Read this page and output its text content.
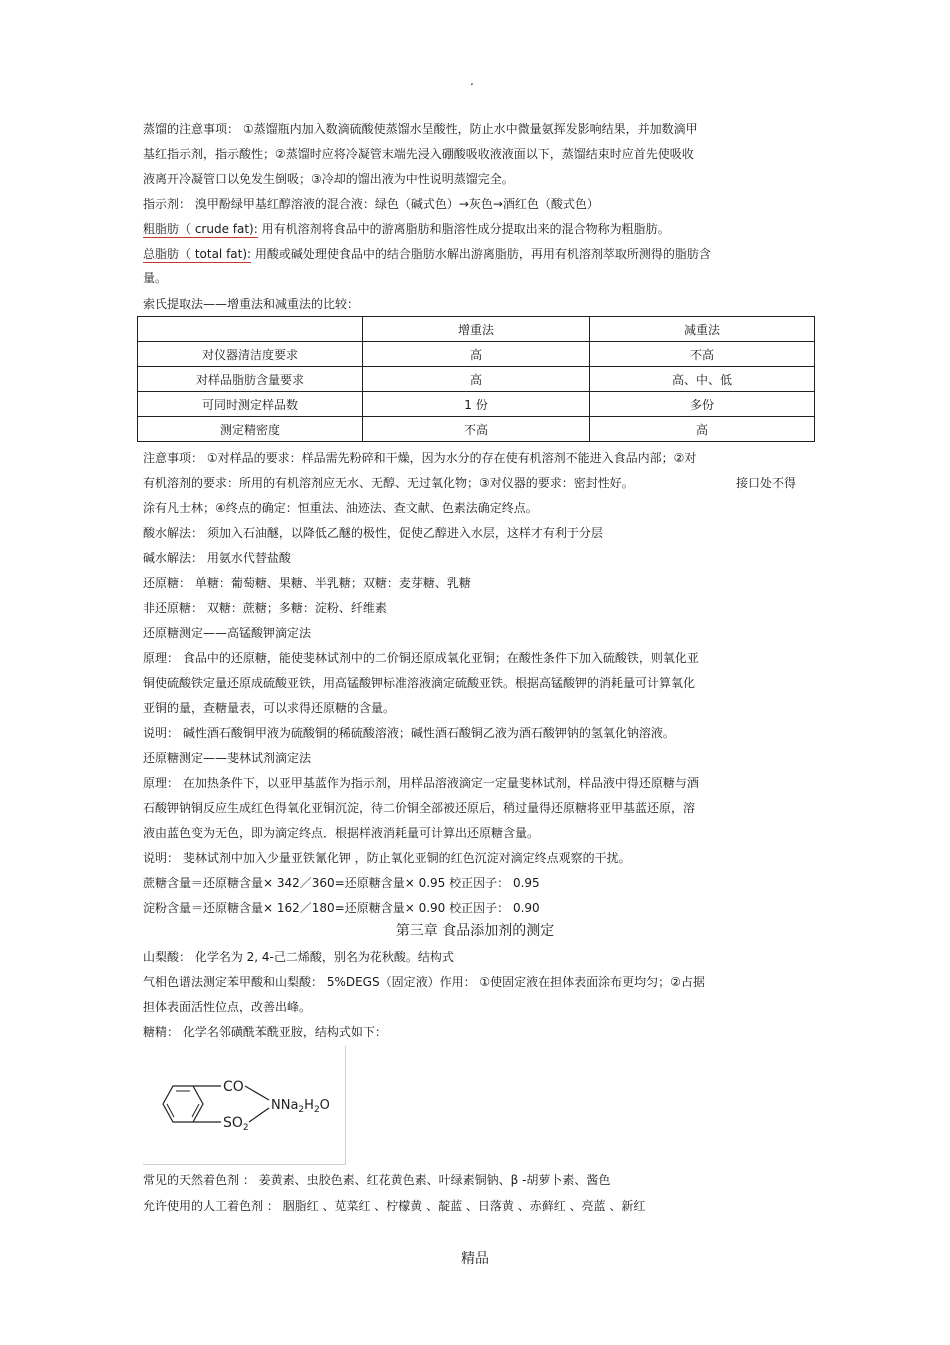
.
蒸馏的注意事项： ①蒸馏瓶内加入数滴硫酸使蒸馏水呈酸性，防止水中微量氨挥发影响结果，并加数滴甲
基红指示剂，指示酸性；②蒸馏时应将冷凝管末端先浸入硼酸吸收液液面以下，蒸馏结束时应首先使吸收
液离开冷凝管口以免发生倒吸；③冷却的馏出液为中性说明蒸馏完全。
指示剂： 溴甲酚绿甲基红醇溶液的混合液：绿色（碱式色）→灰色→酒红色（酸式色）
粗脂肪（ crude fat): 用有机溶剂将食品中的游离脂肪和脂溶性成分提取出来的混合物称为粗脂肪。
总脂肪（ total fat): 用酸或碱处理使食品中的结合脂肪水解出游离脂肪，再用有机溶剂萃取所测得的脂肪含
量。
索氏提取法——增重法和减重法的比较：
	增重法	减重法
对仪器清洁度要求	高	不高
对样品脂肪含量要求	高	高、中、低
可同时测定样品数	1 份	多份
测定精密度	不高	高
注意事项： ①对样品的要求：样品需先粉碎和干燥，因为水分的存在使有机溶剂不能进入食品内部；②对
有机溶剂的要求：所用的有机溶剂应无水、无醇、无过氧化物；③对仪器的要求：密封性好。	接口处不得
涂有凡士林；④终点的确定：恒重法、油迹法、查文献、色素法确定终点。
酸水解法： 须加入石油醚，以降低乙醚的极性，促使乙醇进入水层，这样才有利于分层
碱水解法： 用氨水代替盐酸
还原糖： 单糖：葡萄糖、果糖、半乳糖；双糖：麦芽糖、乳糖
非还原糖： 双糖：蔗糖；多糖：淀粉、纤维素
还原糖测定——高锰酸钾滴定法
原理： 食品中的还原糖，能使斐林试剂中的二价铜还原成氧化亚铜；在酸性条件下加入硫酸铁，则氧化亚
铜使硫酸铁定量还原成硫酸亚铁，用高锰酸钾标准溶液滴定硫酸亚铁。根据高锰酸钾的消耗量可计算氧化
亚铜的量，查糖量表，可以求得还原糖的含量。
说明： 碱性酒石酸铜甲液为硫酸铜的稀硫酸溶液；碱性酒石酸铜乙液为酒石酸钾钠的氢氧化钠溶液。
还原糖测定——斐林试剂滴定法
原理： 在加热条件下，以亚甲基蓝作为指示剂，用样品溶液滴定一定量斐林试剂，样品液中得还原糖与酒
石酸钾钠铜反应生成红色得氧化亚铜沉淀，待二价铜全部被还原后，稍过量得还原糖将亚甲基蓝还原，溶
液由蓝色变为无色，即为滴定终点．根据样液消耗量可计算出还原糖含量。
说明： 斐林试剂中加入少量亚铁氰化钾 ，防止氧化亚铜的红色沉淀对滴定终点观察的干扰。
蔗糖含量＝还原糖含量× 342／360=还原糖含量× 0.95 校正因子： 0.95
淀粉含量＝还原糖含量× 162／180=还原糖含量× 0.90 校正因子： 0.90
第三章 食品添加剂的测定
山梨酸： 化学名为 2, 4-己二烯酸，别名为花秋酸。结构式
气相色谱法测定苯甲酸和山梨酸： 5%DEGS（固定液）作用： ①使固定液在担体表面涂布更均匀；②占据
担体表面活性位点，改善出峰。
糖精： 化学名邻磺酰苯酰亚胺，结构式如下：
CO
$SO_2$
$NNa_2H_2O$
常见的天然着色剂 ： 姜黄素、虫胶色素、红花黄色素、叶绿素铜钠、β -胡萝卜素、酱色
允许使用的人工着色剂 ： 胭脂红 、苋菜红 、柠檬黄 、靛蓝 、日落黄 、赤藓红 、亮蓝 、新红
精品
